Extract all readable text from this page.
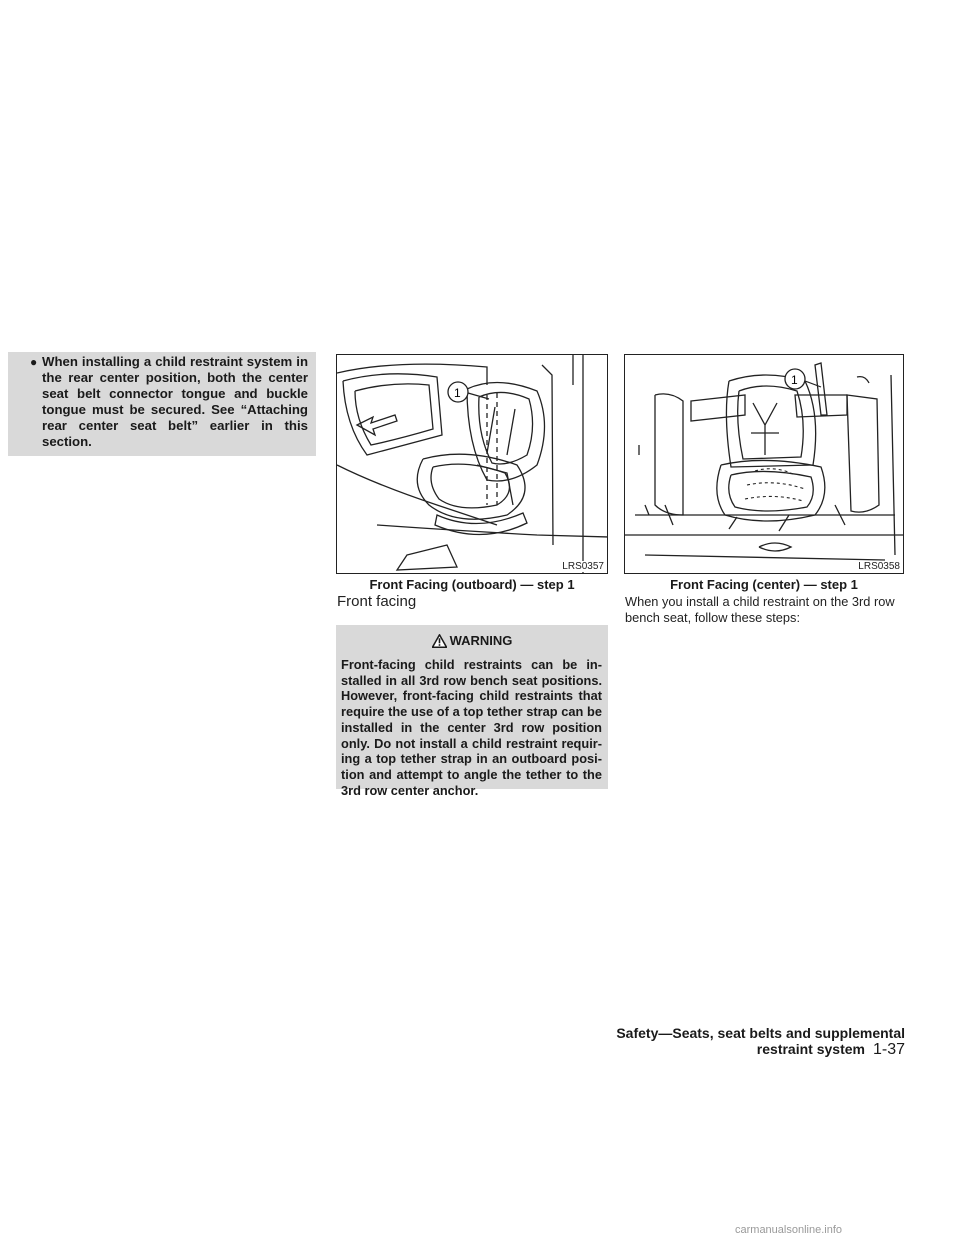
● When installing a child restraint system in the rear center position, both the center seat belt connector tongue and buckle tongue must be secured. See “Attaching rear center seat belt” earlier in this section.
1
LRS0357
1
LRS0358
Front Facing (outboard) — step 1	Front Facing (center) — step 1
Front facing
WARNING
Front-facing child restraints can be in-stalled in all 3rd row bench seat positions. However, front-facing child restraints that require the use of a top tether strap can be installed in the center 3rd row position only. Do not install a child restraint requir-ing a top tether strap in an outboard posi-tion and attempt to angle the tether to the 3rd row center anchor.
When you install a child restraint on the 3rd row bench seat, follow these steps:
Safety—Seats, seat belts and supplemental restraint system 1-37
carmanualsonline.info
